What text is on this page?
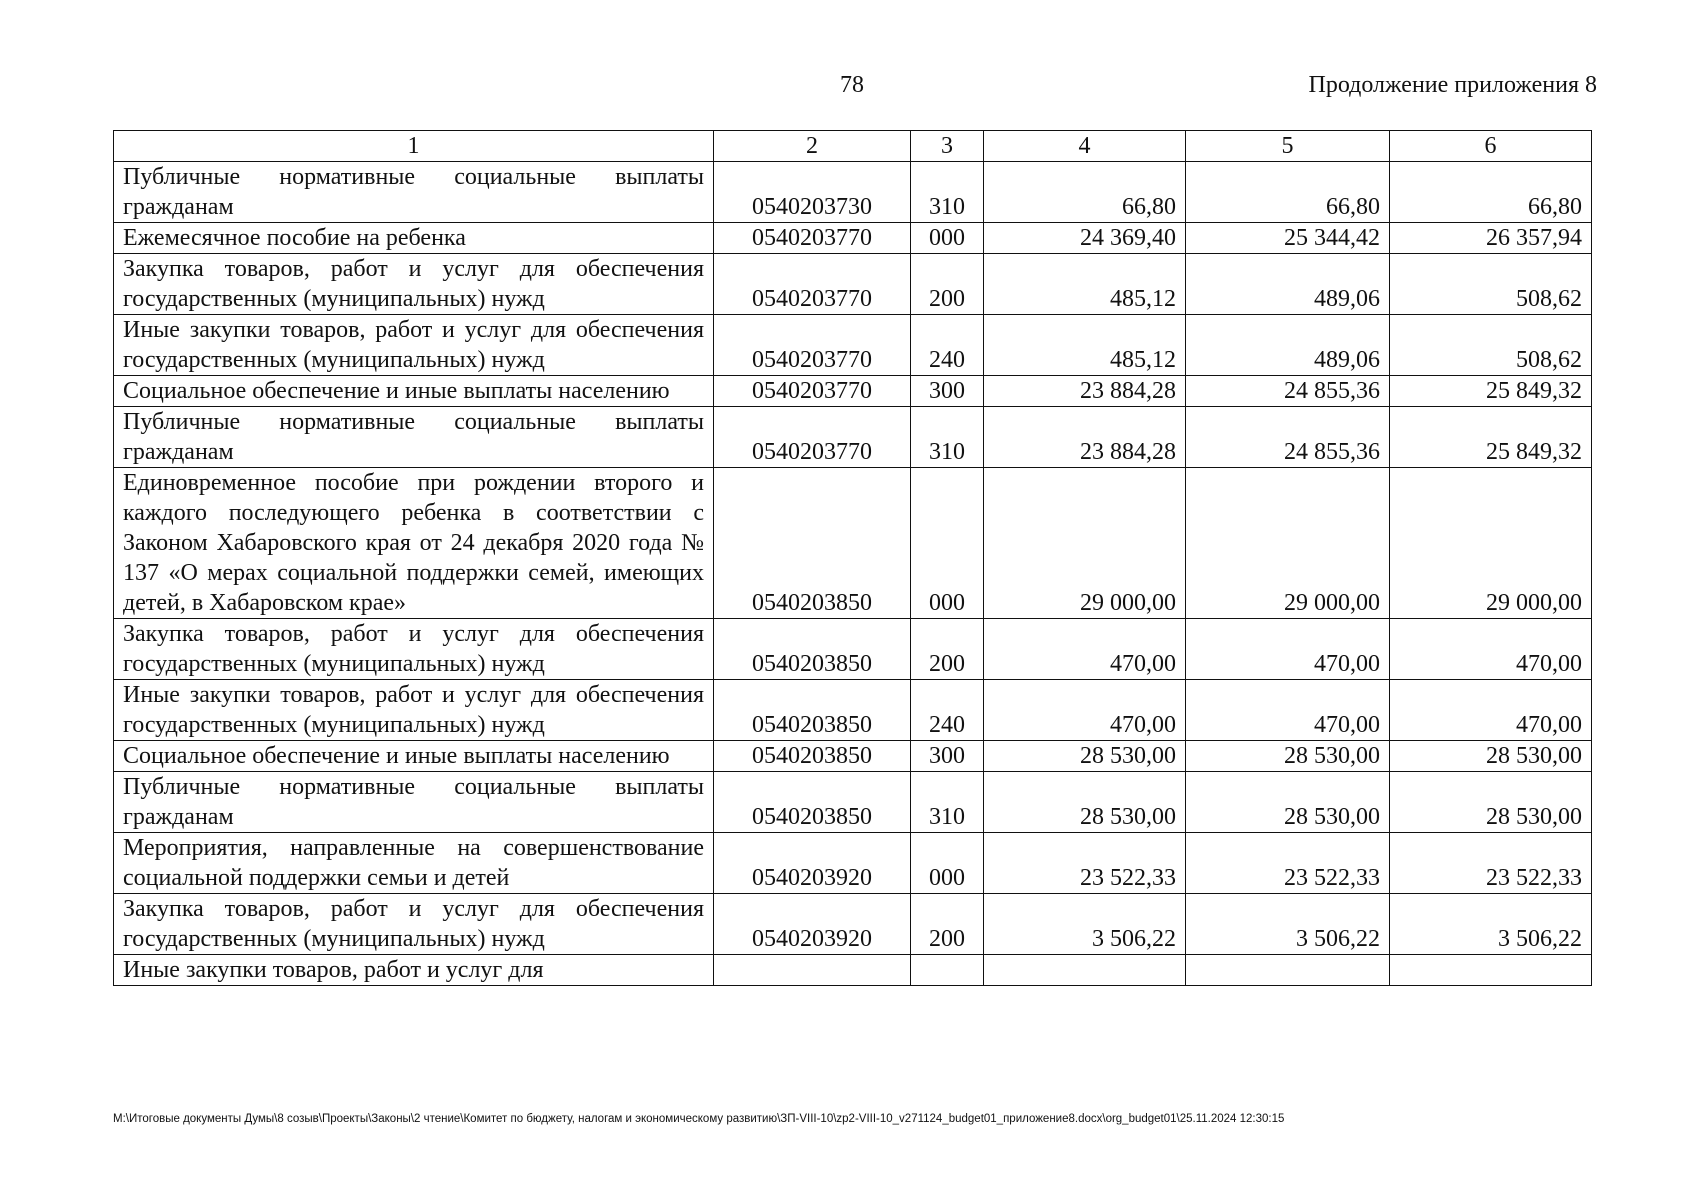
78	Продолжение приложения 8
1	2	3	4	5	6
Публичные нормативные социальные выплаты гражданам	0540203730	310	66,80	66,80	66,80
Ежемесячное пособие на ребенка	0540203770	000	24 369,40	25 344,42	26 357,94
Закупка товаров, работ и услуг для обеспечения государственных (муниципальных) нужд	0540203770	200	485,12	489,06	508,62
Иные закупки товаров, работ и услуг для обеспечения государственных (муниципальных) нужд	0540203770	240	485,12	489,06	508,62
Социальное обеспечение и иные выплаты населению	0540203770	300	23 884,28	24 855,36	25 849,32
Публичные нормативные социальные выплаты гражданам	0540203770	310	23 884,28	24 855,36	25 849,32
Единовременное пособие при рождении второго и каждого последующего ребенка в соответствии с Законом Хабаровского края от 24 декабря 2020 года № 137 «О мерах социальной поддержки семей, имеющих детей, в Хабаровском крае»	0540203850	000	29 000,00	29 000,00	29 000,00
Закупка товаров, работ и услуг для обеспечения государственных (муниципальных) нужд	0540203850	200	470,00	470,00	470,00
Иные закупки товаров, работ и услуг для обеспечения государственных (муниципальных) нужд	0540203850	240	470,00	470,00	470,00
Социальное обеспечение и иные выплаты населению	0540203850	300	28 530,00	28 530,00	28 530,00
Публичные нормативные социальные выплаты гражданам	0540203850	310	28 530,00	28 530,00	28 530,00
Мероприятия, направленные на совершенствование социальной поддержки семьи и детей	0540203920	000	23 522,33	23 522,33	23 522,33
Закупка товаров, работ и услуг для обеспечения государственных (муниципальных) нужд	0540203920	200	3 506,22	3 506,22	3 506,22
Иные закупки товаров, работ и услуг для					
M:\Итоговые документы Думы\8 созыв\Проекты\Законы\2 чтение\Комитет по бюджету, налогам и экономическому развитию\ЗП-VIII-10\zp2-VIII-10_v271124_budget01_приложение8.docx\org_budget01\25.11.2024 12:30:15
